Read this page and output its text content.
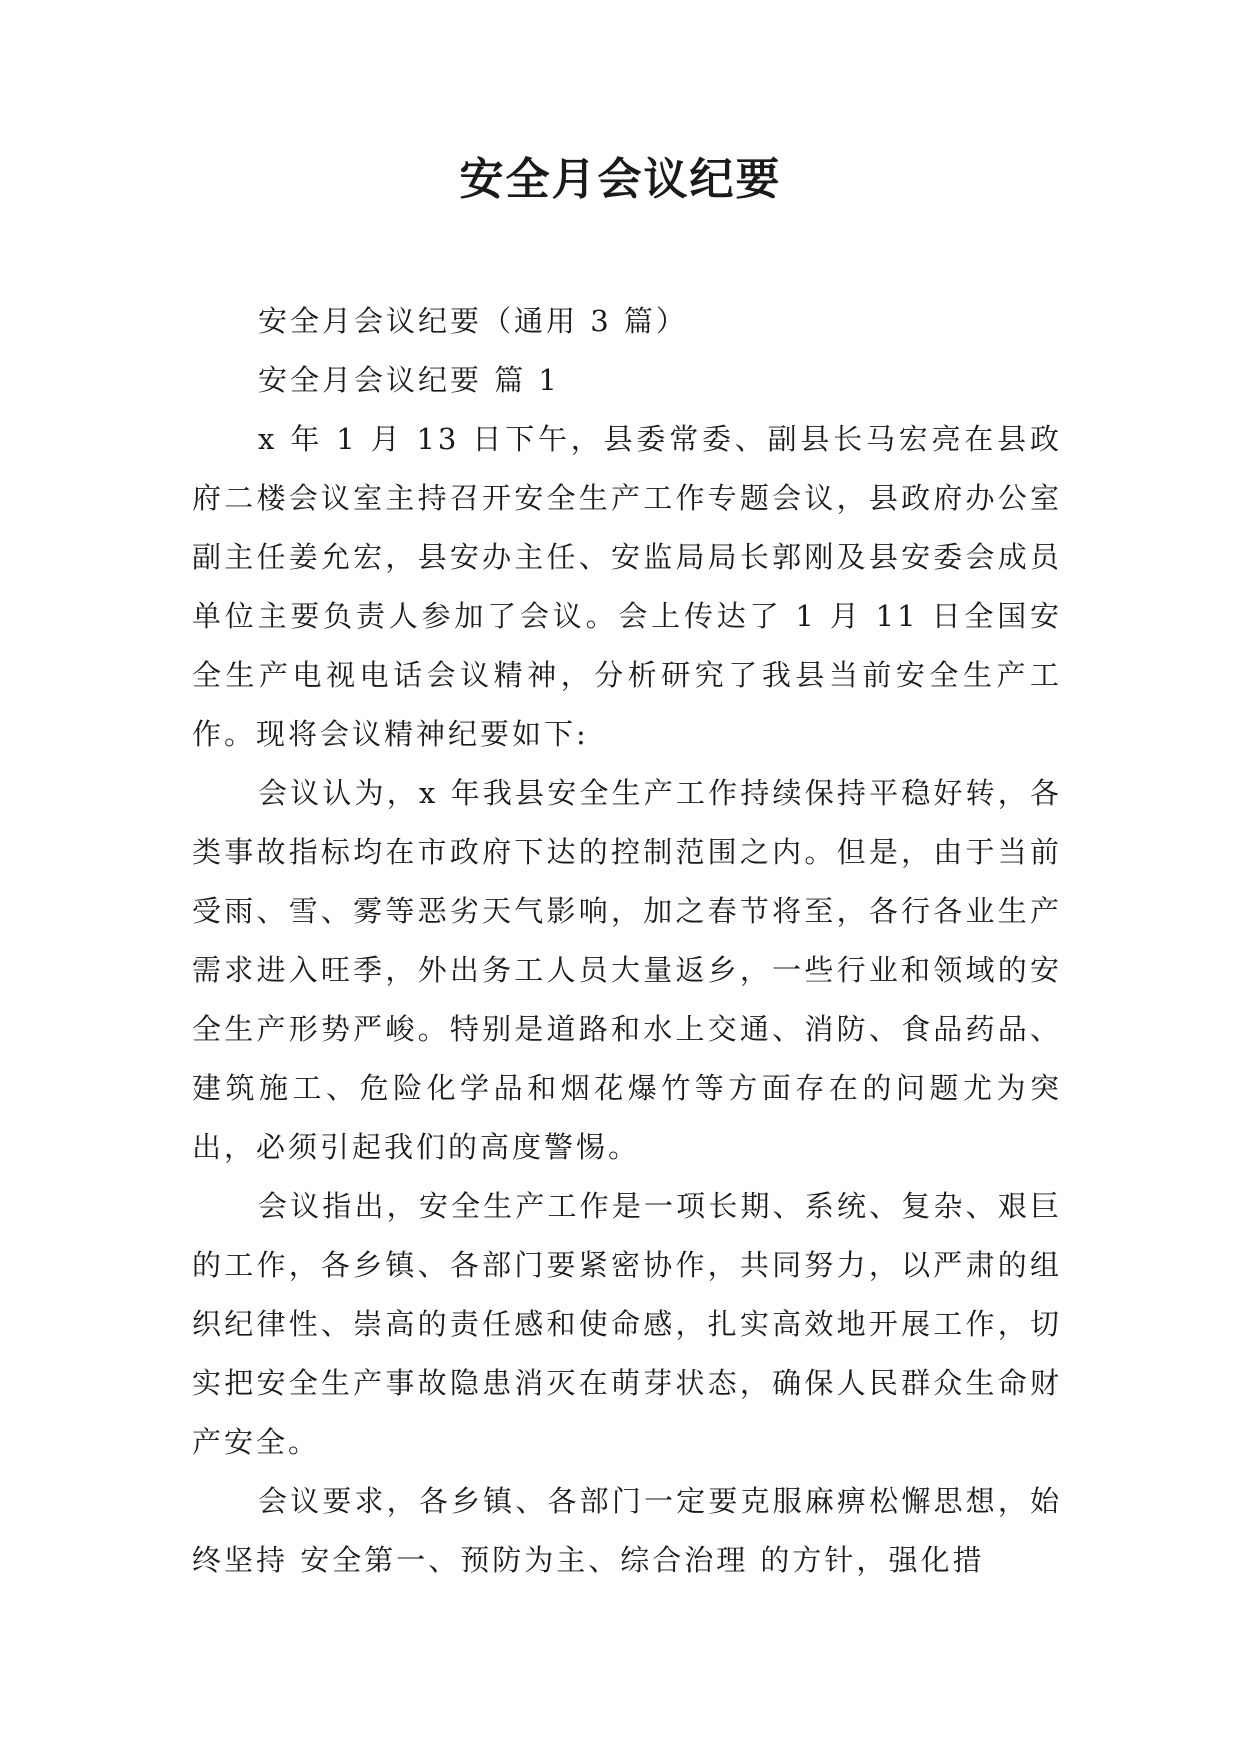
安全月会议纪要

安全月会议纪要（通用 3 篇）

安全月会议纪要 篇 1

x 年 1 月 13 日下午，县委常委、副县长马宏亮在县政府二楼会议室主持召开安全生产工作专题会议，县政府办公室副主任姜允宏，县安办主任、安监局局长郭刚及县安委会成员单位主要负责人参加了会议。会上传达了 1 月 11 日全国安全生产电视电话会议精神，分析研究了我县当前安全生产工作。现将会议精神纪要如下:

会议认为，x 年我县安全生产工作持续保持平稳好转，各类事故指标均在市政府下达的控制范围之内。但是，由于当前受雨、雪、雾等恶劣天气影响，加之春节将至，各行各业生产需求进入旺季，外出务工人员大量返乡，一些行业和领域的安全生产形势严峻。特别是道路和水上交通、消防、食品药品、建筑施工、危险化学品和烟花爆竹等方面存在的问题尤为突出，必须引起我们的高度警惕。

会议指出，安全生产工作是一项长期、系统、复杂、艰巨的工作，各乡镇、各部门要紧密协作，共同努力，以严肃的组织纪律性、崇高的责任感和使命感，扎实高效地开展工作，切实把安全生产事故隐患消灭在萌芽状态，确保人民群众生命财产安全。

会议要求，各乡镇、各部门一定要克服麻痹松懈思想，始终坚持 安全第一、预防为主、综合治理 的方针，强化措
